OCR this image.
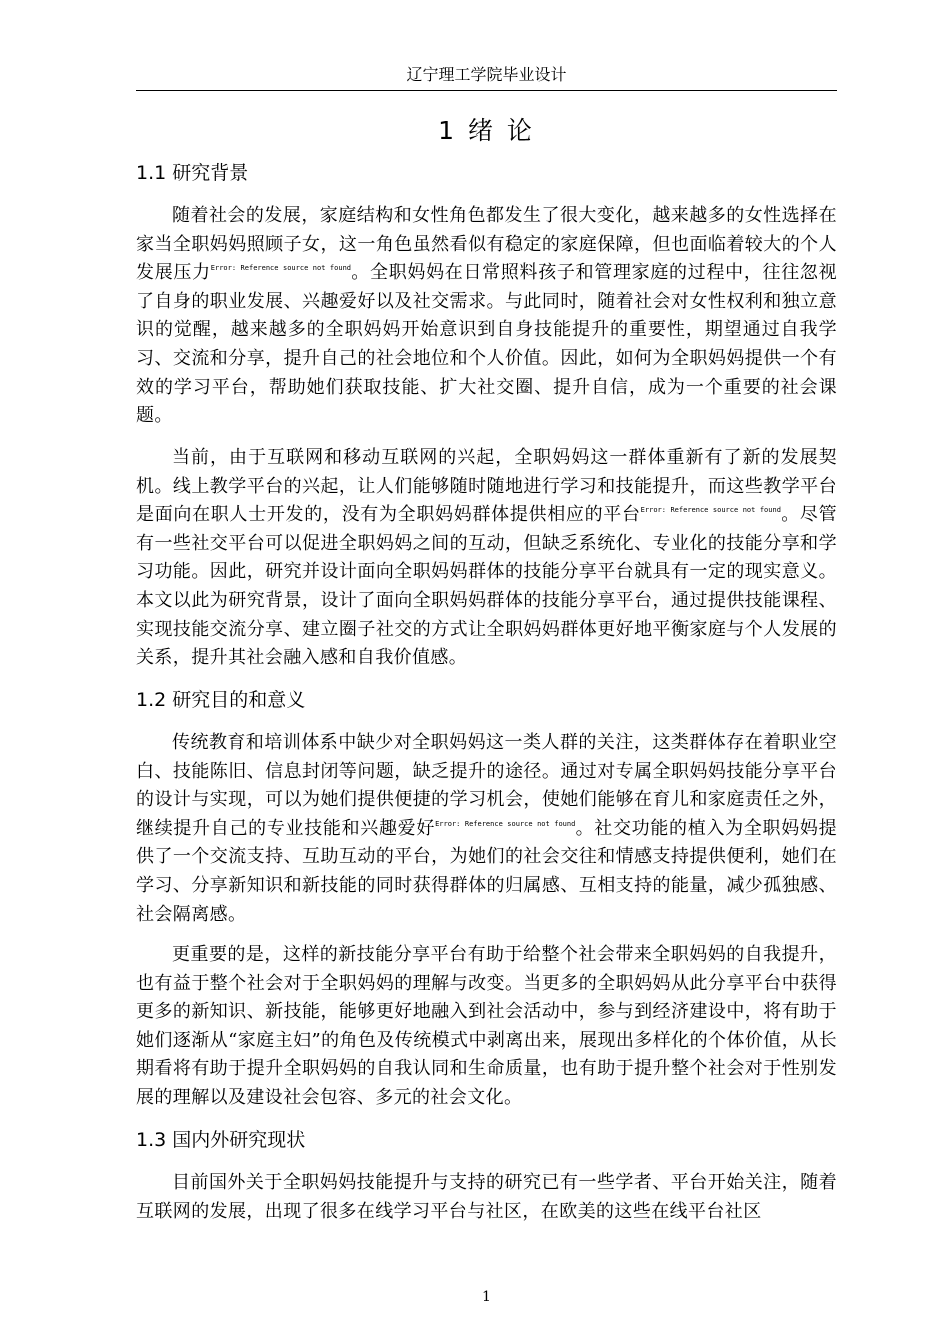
辽宁理工学院毕业设计
1 绪 论
1.1 研究背景

随着社会的发展，家庭结构和女性角色都发生了很大变化，越来越多的女性选择在家当全职妈妈照顾子女，这一角色虽然看似有稳定的家庭保障，但也面临着较大的个人发展压力$^{Error: Reference source not found}$。全职妈妈在日常照料孩子和管理家庭的过程中，往往忽视了自身的职业发展、兴趣爱好以及社交需求。与此同时，随着社会对女性权利和独立意识的觉醒，越来越多的全职妈妈开始意识到自身技能提升的重要性，期望通过自我学习、交流和分享，提升自己的社会地位和个人价值。因此，如何为全职妈妈提供一个有效的学习平台，帮助她们获取技能、扩大社交圈、提升自信，成为一个重要的社会课题。

当前，由于互联网和移动互联网的兴起，全职妈妈这一群体重新有了新的发展契机。线上教学平台的兴起，让人们能够随时随地进行学习和技能提升，而这些教学平台是面向在职人士开发的，没有为全职妈妈群体提供相应的平台$^{Error: Reference source not found}$。尽管有一些社交平台可以促进全职妈妈之间的互动，但缺乏系统化、专业化的技能分享和学习功能。因此，研究并设计面向全职妈妈群体的技能分享平台就具有一定的现实意义。本文以此为研究背景，设计了面向全职妈妈群体的技能分享平台，通过提供技能课程、实现技能交流分享、建立圈子社交的方式让全职妈妈群体更好地平衡家庭与个人发展的关系，提升其社会融入感和自我价值感。

1.2 研究目的和意义

传统教育和培训体系中缺少对全职妈妈这一类人群的关注，这类群体存在着职业空白、技能陈旧、信息封闭等问题，缺乏提升的途径。通过对专属全职妈妈技能分享平台的设计与实现，可以为她们提供便捷的学习机会，使她们能够在育儿和家庭责任之外，继续提升自己的专业技能和兴趣爱好$^{Error: Reference source not found}$。社交功能的植入为全职妈妈提供了一个交流支持、互助互动的平台，为她们的社会交往和情感支持提供便利，她们在学习、分享新知识和新技能的同时获得群体的归属感、互相支持的能量，减少孤独感、社会隔离感。

更重要的是，这样的新技能分享平台有助于给整个社会带来全职妈妈的自我提升，也有益于整个社会对于全职妈妈的理解与改变。当更多的全职妈妈从此分享平台中获得更多的新知识、新技能，能够更好地融入到社会活动中，参与到经济建设中，将有助于她们逐渐从“家庭主妇”的角色及传统模式中剥离出来，展现出多样化的个体价值，从长期看将有助于提升全职妈妈的自我认同和生命质量，也有助于提升整个社会对于性别发展的理解以及建设社会包容、多元的社会文化。

1.3 国内外研究现状

目前国外关于全职妈妈技能提升与支持的研究已有一些学者、平台开始关注，随着互联网的发展，出现了很多在线学习平台与社区，在欧美的这些在线平台社区

1
